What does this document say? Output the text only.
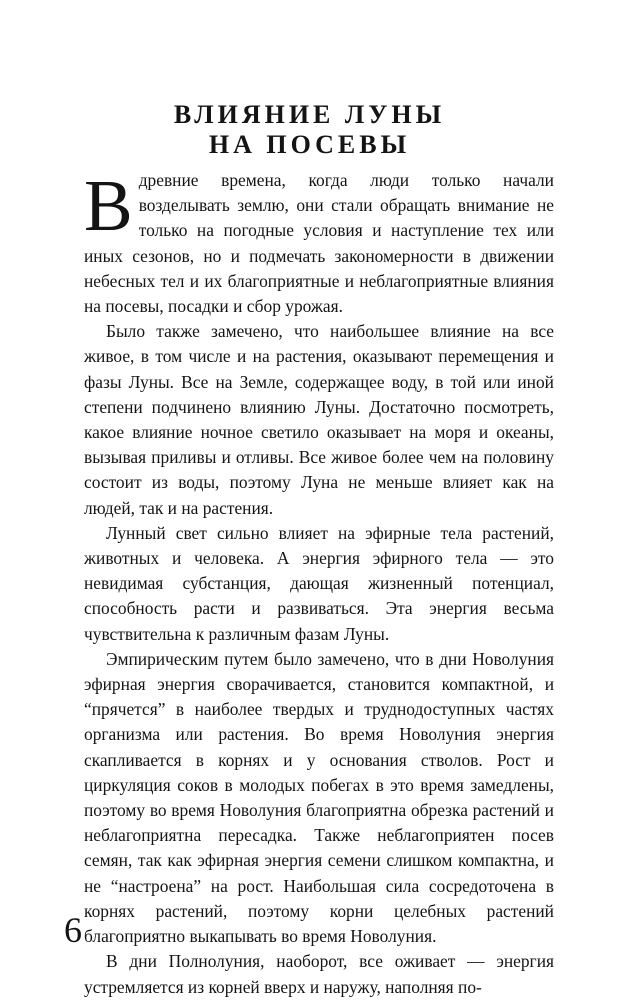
ВЛИЯНИЕ ЛУНЫ
НА ПОСЕВЫ

Вдревние времена, когда люди только начали возделывать землю, они стали обращать внимание не только на погодные условия и наступление тех или иных сезонов, но и подмечать закономерности в движении небесных тел и их благоприятные и неблагоприятные влияния на посевы, посадки и сбор урожая.

Было также замечено, что наибольшее влияние на все живое, в том числе и на растения, оказывают перемещения и фазы Луны. Все на Земле, содержащее воду, в той или иной степени подчинено влиянию Луны. Достаточно посмотреть, какое влияние ночное светило оказывает на моря и океаны, вызывая приливы и отливы. Все живое более чем на половину состоит из воды, поэтому Луна не меньше влияет как на людей, так и на растения.

Лунный свет сильно влияет на эфирные тела растений, животных и человека. А энергия эфирного тела — это невидимая субстанция, дающая жизненный потенциал, способность расти и развиваться. Эта энергия весьма чувствительна к различным фазам Луны.

Эмпирическим путем было замечено, что в дни Новолуния эфирная энергия сворачивается, становится компактной, и “прячется” в наиболее твердых и труднодоступных частях организма или растения. Во время Новолуния энергия скапливается в корнях и у основания стволов. Рост и циркуляция соков в молодых побегах в это время замедлены, поэтому во время Новолуния благоприятна обрезка растений и неблагоприятна пересадка. Также неблагоприятен посев семян, так как эфирная энергия семени слишком компактна, и не “настроена” на рост. Наибольшая сила сосредоточена в корнях растений, поэтому корни целебных растений благоприятно выкапывать во время Новолуния.

В дни Полнолуния, наоборот, все оживает — энергия устремляется из корней вверх и наружу, наполняя по-

6
